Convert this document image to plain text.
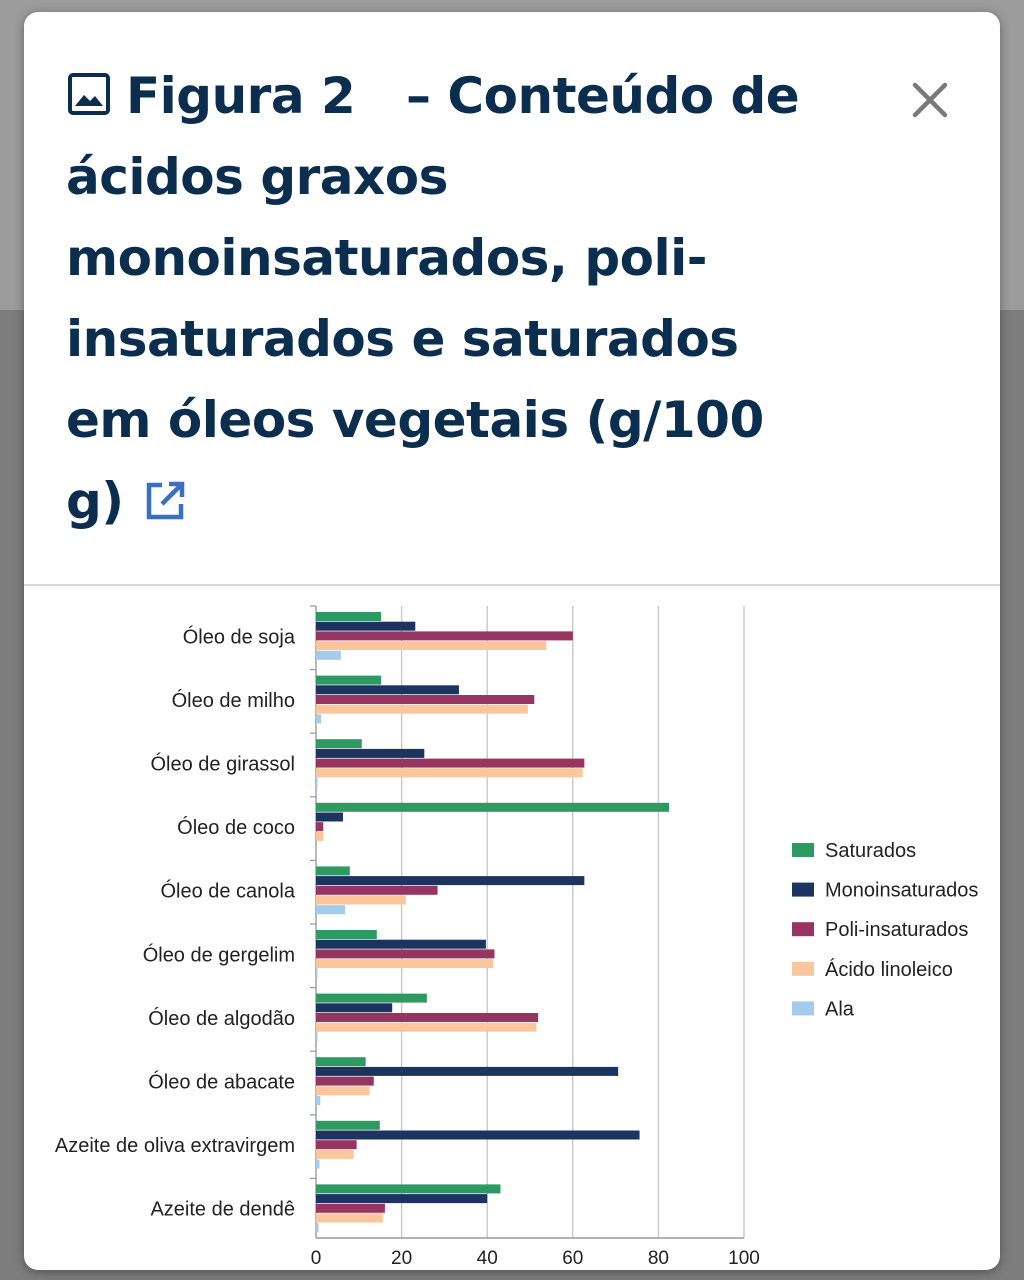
Figura 2 – Conteúdo de ácidos graxos monoinsaturados, poli-insaturados e saturados em óleos vegetais (g/100 g)
0	20	40	60	80	100
Óleo de soja
Óleo de milho
Óleo de girassol
Óleo de coco
Óleo de canola
Óleo de gergelim
Óleo de algodão
Óleo de abacate
Azeite de oliva extravirgem
Azeite de dendê
Saturados
Monoinsaturados
Poli-insaturados
Ácido linoleico
Ala
